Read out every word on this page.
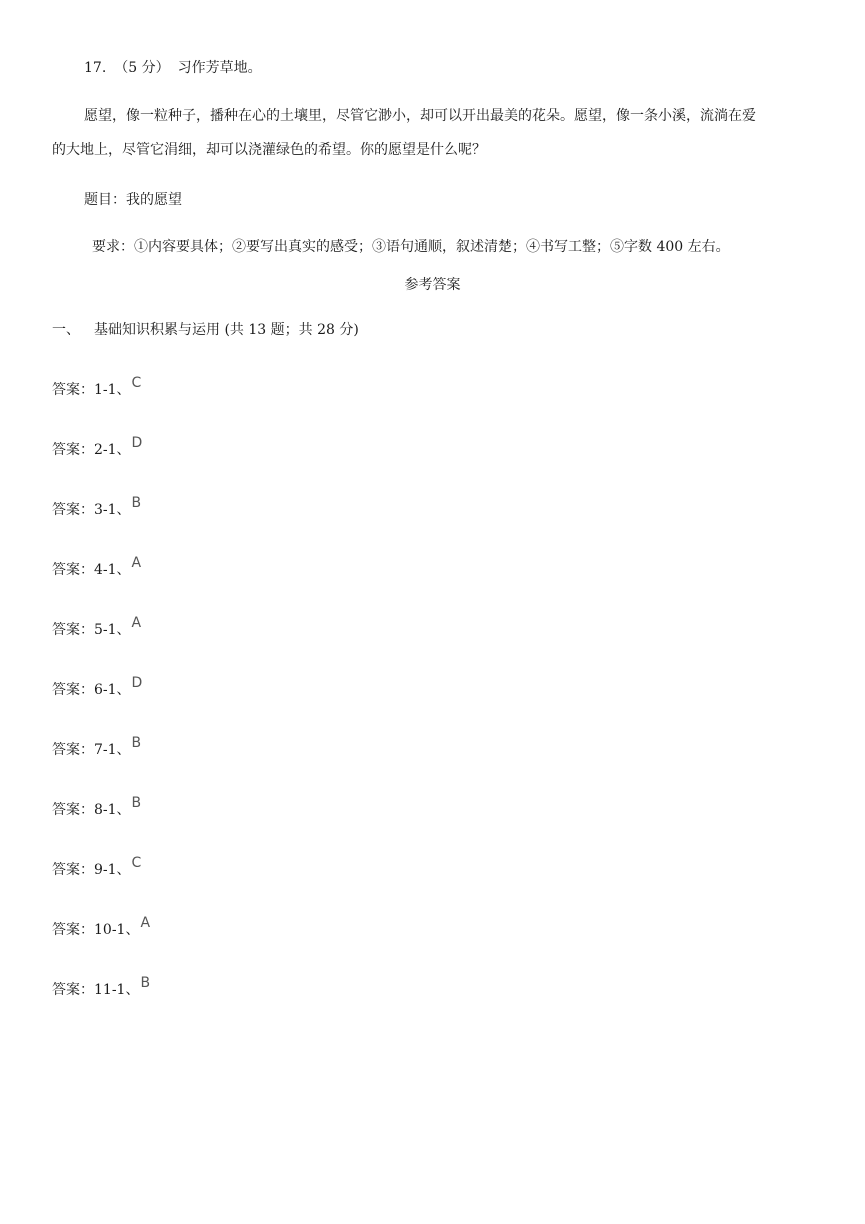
17. （5 分） 习作芳草地。
愿望，像一粒种子，播种在心的土壤里，尽管它渺小，却可以开出最美的花朵。愿望，像一条小溪，流淌在爱
的大地上，尽管它涓细，却可以浇灌绿色的希望。你的愿望是什么呢？
题目：我的愿望
要求：①内容要具体；②要写出真实的感受；③语句通顺，叙述清楚；④书写工整；⑤字数 400 左右。
参考答案
一、 基础知识积累与运用 (共 13 题；共 28 分)
答案：1-1、C
答案：2-1、D
答案：3-1、B
答案：4-1、A
答案：5-1、A
答案：6-1、D
答案：7-1、B
答案：8-1、B
答案：9-1、C
答案：10-1、A
答案：11-1、B
